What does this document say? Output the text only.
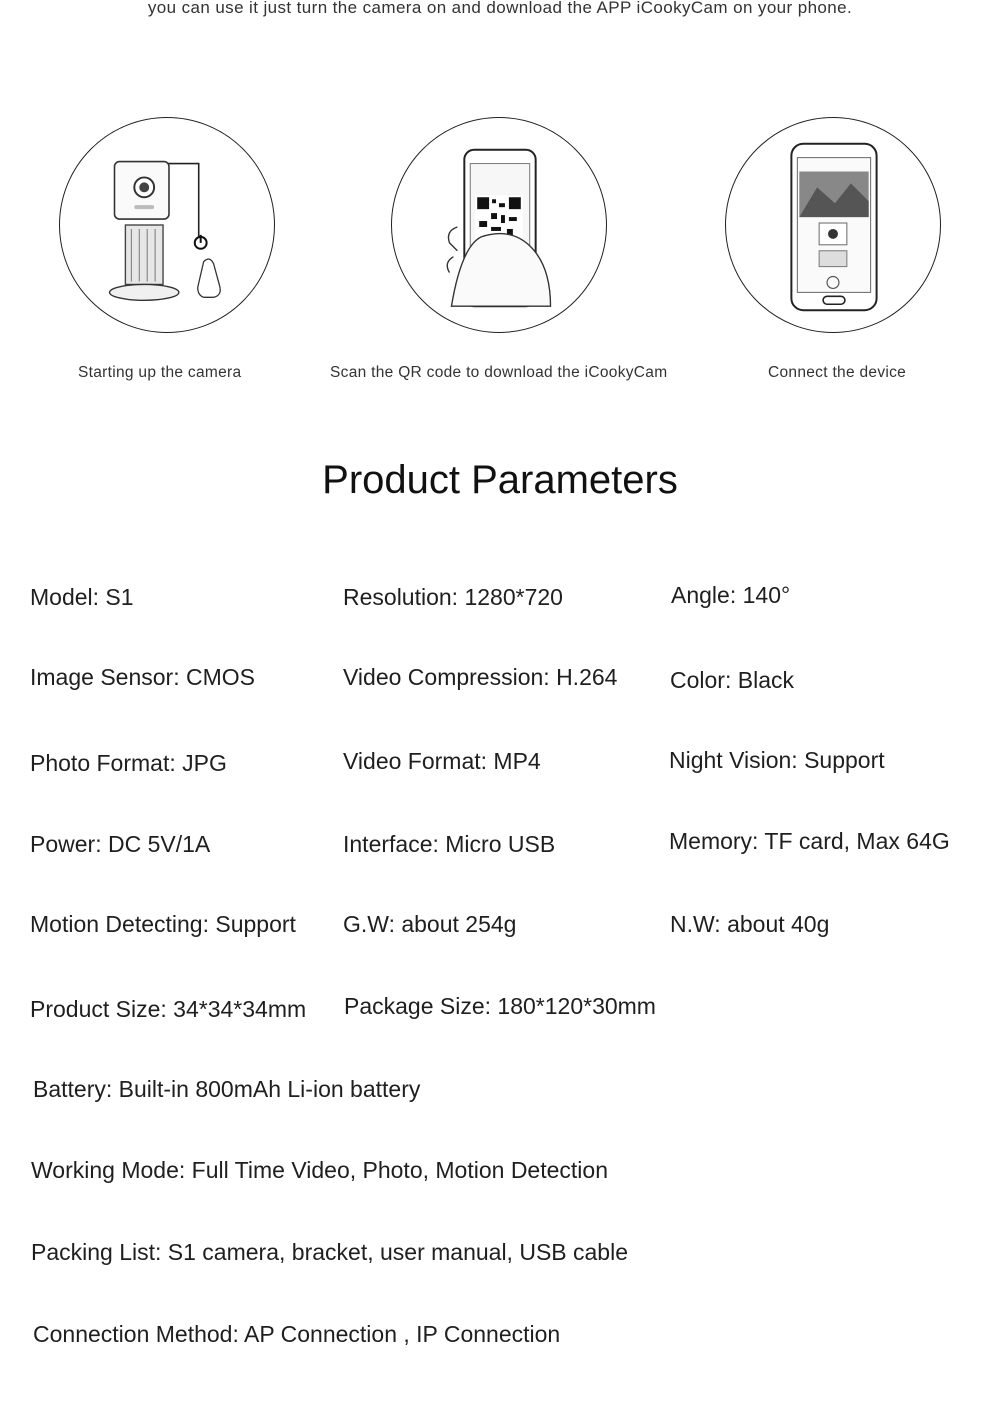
you can use it just turn the camera on and download the APP iCookyCam on your phone.
Starting up the camera	Scan the QR code to download the iCookyCam	Connect the device
Product Parameters
Model: S1	Resolution: 1280*720	Angle: 140°
Image Sensor: CMOS	Video Compression: H.264 Color: Black
Photo Format: JPG	Video Format: MP4	Night Vision: Support
Power: DC 5V/1A	Interface: Micro USB	Memory: TF card, Max 64G
Motion Detecting: Support G.W: about 254g	N.W: about 40g
Product Size: 34*34*34mm Package Size: 180*120*30mm
Battery: Built-in 800mAh Li-ion battery
Working Mode: Full Time Video, Photo, Motion Detection
Packing List: S1 camera, bracket, user manual, USB cable
Connection Method: AP Connection , IP Connection
